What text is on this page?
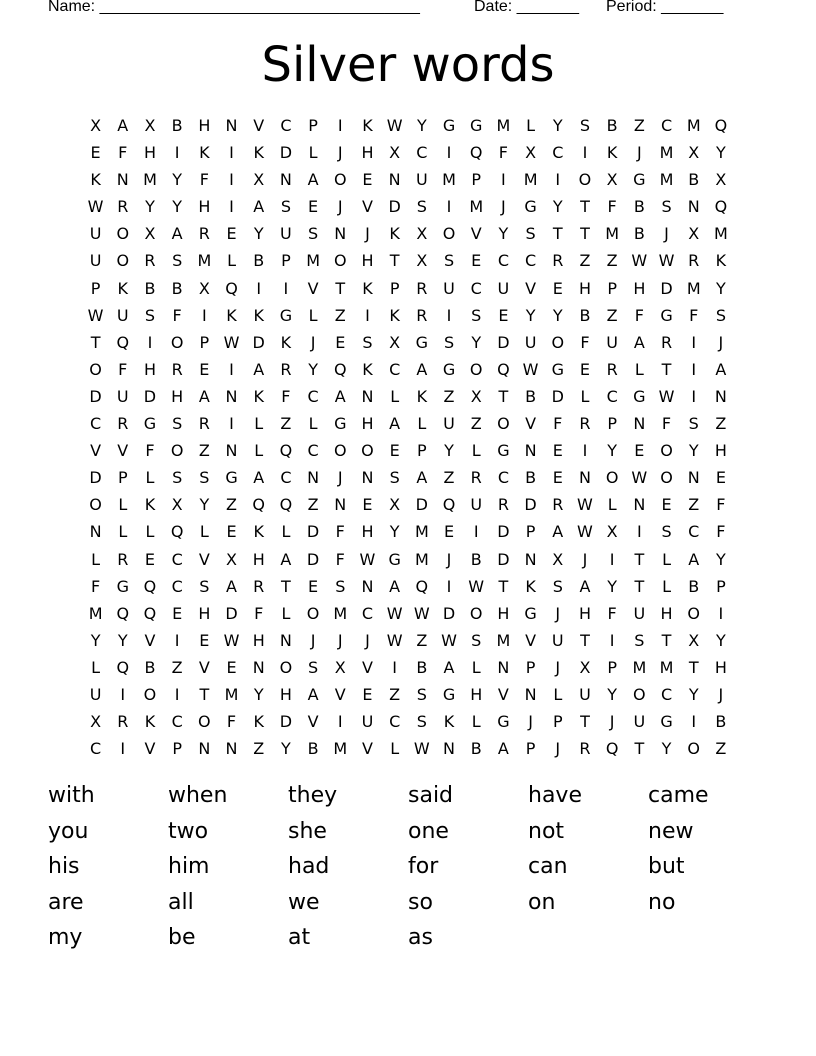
Name: ____________________________________	Date: _______ Period: _______
Silver words
X	A	X	B H N V	C	P	I	K W Y	G G M L	Y	S	B	Z	C M Q
E	F	H	I	K	I	K D	L	J	H X	C	I	Q	F	X	C	I	K	J	M X	Y
K N M Y	F	I	X N A O E	N U M P	I	M	I	O X G M B	X
W R	Y	Y	H	I	A	S	E	J	V D S	I	M	J	G	Y	T	F	B	S	N Q
U O X	A	R	E	Y	U	S	N	J	K	X O V	Y	S	T	T M B	J	X M
U O R	S M L	B	P M O H	T	X	S	E	C	C	R	Z	Z W W R	K
P	K	B	B	X Q	I	I	V	T	K	P	R U C U V	E	H	P	H D M Y
W U	S	F	I	K	K G	L	Z	I	K	R	I	S	E	Y	Y	B	Z	F	G	F	S
T	Q	I	O	P W D K	J	E	S	X G S	Y	D U O	F	U A	R	I	J
O	F	H R	E	I	A	R	Y	Q K	C	A G O Q W G E	R	L	T	I	A
D U D H A N K	F	C	A N	L	K	Z	X	T	B D	L	C G W	I	N
C	R G S	R	I	L	Z	L	G H A	L	U Z O V	F	R	P	N	F	S	Z
V	V	F	O Z N	L	Q C O O E	P	Y	L	G N	E	I	Y	E O	Y	H
D	P	L	S	S G A	C N	J	N	S	A	Z	R	C	B	E	N O W O N	E
O	L	K	X	Y	Z Q Q Z N	E	X D Q U R D R W L	N	E	Z	F
N	L	L	Q	L	E	K	L	D	F	H	Y M E	I	D	P	A W X	I	S	C	F
L	R	E	C	V	X H A D	F W G M	J	B D N X	J	I	T	L	A	Y
F	G Q C	S	A	R	T	E	S	N A Q	I	W T	K	S	A	Y	T	L	B	P
M Q Q E	H D	F	L	O M C W W D O H G	J	H	F	U H O	I
Y	Y	V	I	E W H N	J	J	J	W Z W S M V U	T	I	S	T	X	Y
L	Q B	Z	V	E	N O S	X	V	I	B	A	L	N	P	J	X	P M M T	H
U	I	O	I	T M Y	H A	V	E	Z	S G H V N	L	U	Y	O C	Y	J
X	R	K	C O	F	K D V	I	U C	S	K	L	G	J	P	T	J	U G	I	B
C	I	V	P	N N Z	Y	B M V	L W N B	A	P	J	R Q	T	Y	O Z
with	when	they	said	have	came
you	two	she	one	not	new
his	him	had	for	can	but
are	all	we	so	on	no
my	be	at	as
